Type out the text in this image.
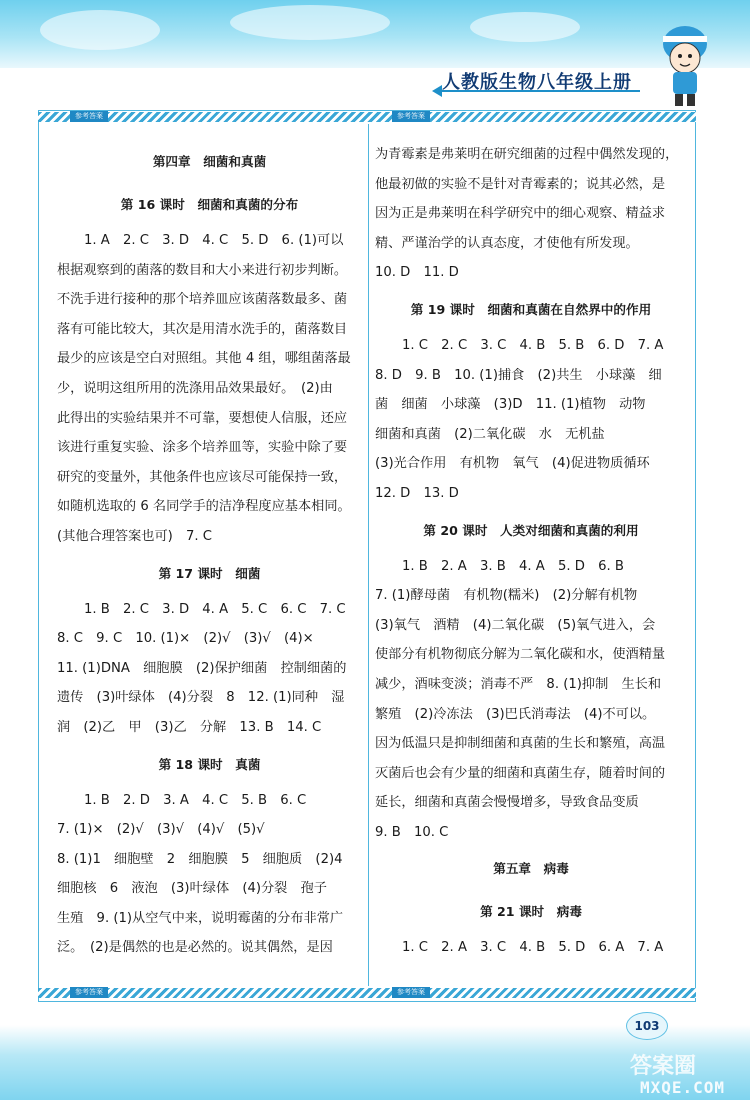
人教版生物八年级上册
参考答案	参考答案
参考答案	参考答案
第四章　细菌和真菌
第 16 课时　细菌和真菌的分布
1. A　2. C　3. D　4. C　5. D　6. (1)可以
根据观察到的菌落的数目和大小来进行初步判断。
不洗手进行接种的那个培养皿应该菌落数最多、菌
落有可能比较大，其次是用清水洗手的，菌落数目
最少的应该是空白对照组。其他 4 组，哪组菌落最
少，说明这组所用的洗涤用品效果最好。　(2)由
此得出的实验结果并不可靠，要想使人信服，还应
该进行重复实验、涂多个培养皿等，实验中除了要
研究的变量外，其他条件也应该尽可能保持一致，
如随机选取的 6 名同学手的洁净程度应基本相同。
(其他合理答案也可)　7. C
第 17 课时　细菌
1. B　2. C　3. D　4. A　5. C　6. C　7. C
8. C　9. C　10. (1)×　(2)√　(3)√　(4)×
11. (1)DNA　细胞膜　(2)保护细菌　控制细菌的
遗传　(3)叶绿体　(4)分裂　8　12. (1)同种　湿
润　(2)乙　甲　(3)乙　分解　13. B　14. C
第 18 课时　真菌
1. B　2. D　3. A　4. C　5. B　6. C
7. (1)×　(2)√　(3)√　(4)√　(5)√
8. (1)1　细胞壁　2　细胞膜　5　细胞质　(2)4
细胞核　6　液泡　(3)叶绿体　(4)分裂　孢子
生殖　9. (1)从空气中来，说明霉菌的分布非常广
泛。　(2)是偶然的也是必然的。说其偶然，是因
为青霉素是弗莱明在研究细菌的过程中偶然发现的，
他最初做的实验不是针对青霉素的；说其必然，是
因为正是弗莱明在科学研究中的细心观察、精益求
精、严谨治学的认真态度，才使他有所发现。
10. D　11. D
第 19 课时　细菌和真菌在自然界中的作用
1. C　2. C　3. C　4. B　5. B　6. D　7. A
8. D　9. B　10. (1)捕食　(2)共生　小球藻　细
菌　细菌　小球藻　(3)D　11. (1)植物　动物
细菌和真菌　(2)二氧化碳　水　无机盐
(3)光合作用　有机物　氧气　(4)促进物质循环
12. D　13. D
第 20 课时　人类对细菌和真菌的利用
1. B　2. A　3. B　4. A　5. D　6. B
7. (1)酵母菌　有机物(糯米)　(2)分解有机物
(3)氧气　酒精　(4)二氧化碳　(5)氧气进入，会
使部分有机物彻底分解为二氧化碳和水，使酒精量
减少，酒味变淡；消毒不严　8. (1)抑制　生长和
繁殖　(2)冷冻法　(3)巴氏消毒法　(4)不可以。
因为低温只是抑制细菌和真菌的生长和繁殖，高温
灭菌后也会有少量的细菌和真菌生存，随着时间的
延长，细菌和真菌会慢慢增多，导致食品变质
9. B　10. C
第五章　病毒
第 21 课时　病毒
1. C　2. A　3. C　4. B　5. D　6. A　7. A
103
答案圈
MXQE.COM
